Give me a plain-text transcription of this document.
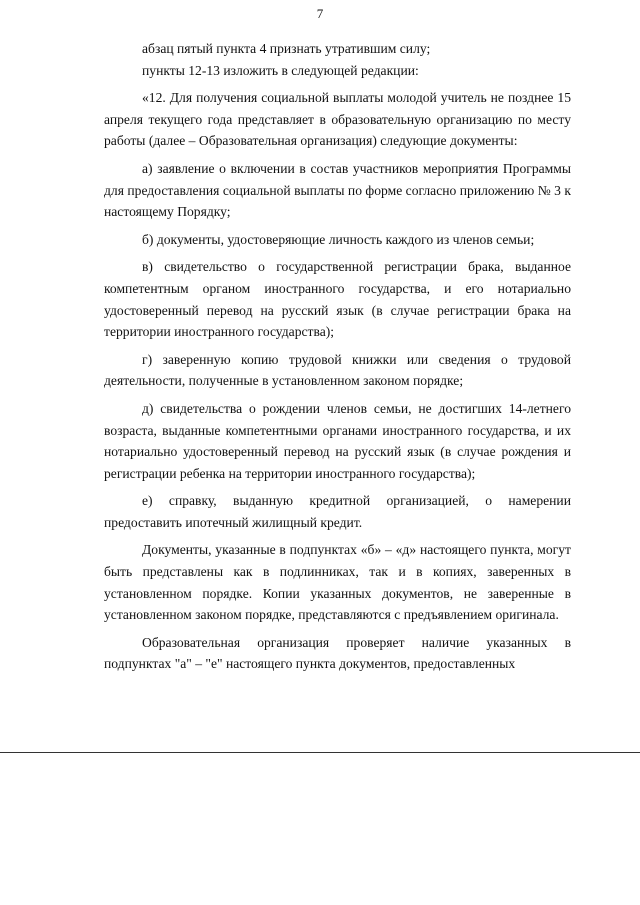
7

абзац пятый пункта 4 признать утратившим силу;

пункты 12-13 изложить в следующей редакции:

«12. Для получения социальной выплаты молодой учитель не позднее 15 апреля текущего года представляет в образовательную организацию по месту работы (далее – Образовательная организация) следующие документы:

а) заявление о включении в состав участников мероприятия Программы для предоставления социальной выплаты по форме согласно приложению № 3 к настоящему Порядку;

б) документы, удостоверяющие личность каждого из членов семьи;

в) свидетельство о государственной регистрации брака, выданное компетентным органом иностранного государства, и его нотариально удостоверенный перевод на русский язык (в случае регистрации брака на территории иностранного государства);

г) заверенную копию трудовой книжки или сведения о трудовой деятельности, полученные в установленном законом порядке;

д) свидетельства о рождении членов семьи, не достигших 14-летнего возраста, выданные компетентными органами иностранного государства, и их нотариально удостоверенный перевод на русский язык (в случае рождения и регистрации ребенка на территории иностранного государства);

е) справку, выданную кредитной организацией, о намерении предоставить ипотечный жилищный кредит.

Документы, указанные в подпунктах «б» – «д» настоящего пункта, могут быть представлены как в подлинниках, так и в копиях, заверенных в установленном порядке. Копии указанных документов, не заверенные в установленном законом порядке, представляются с предъявлением оригинала.

Образовательная организация проверяет наличие указанных в подпунктах "а" – "е" настоящего пункта документов, предоставленных
